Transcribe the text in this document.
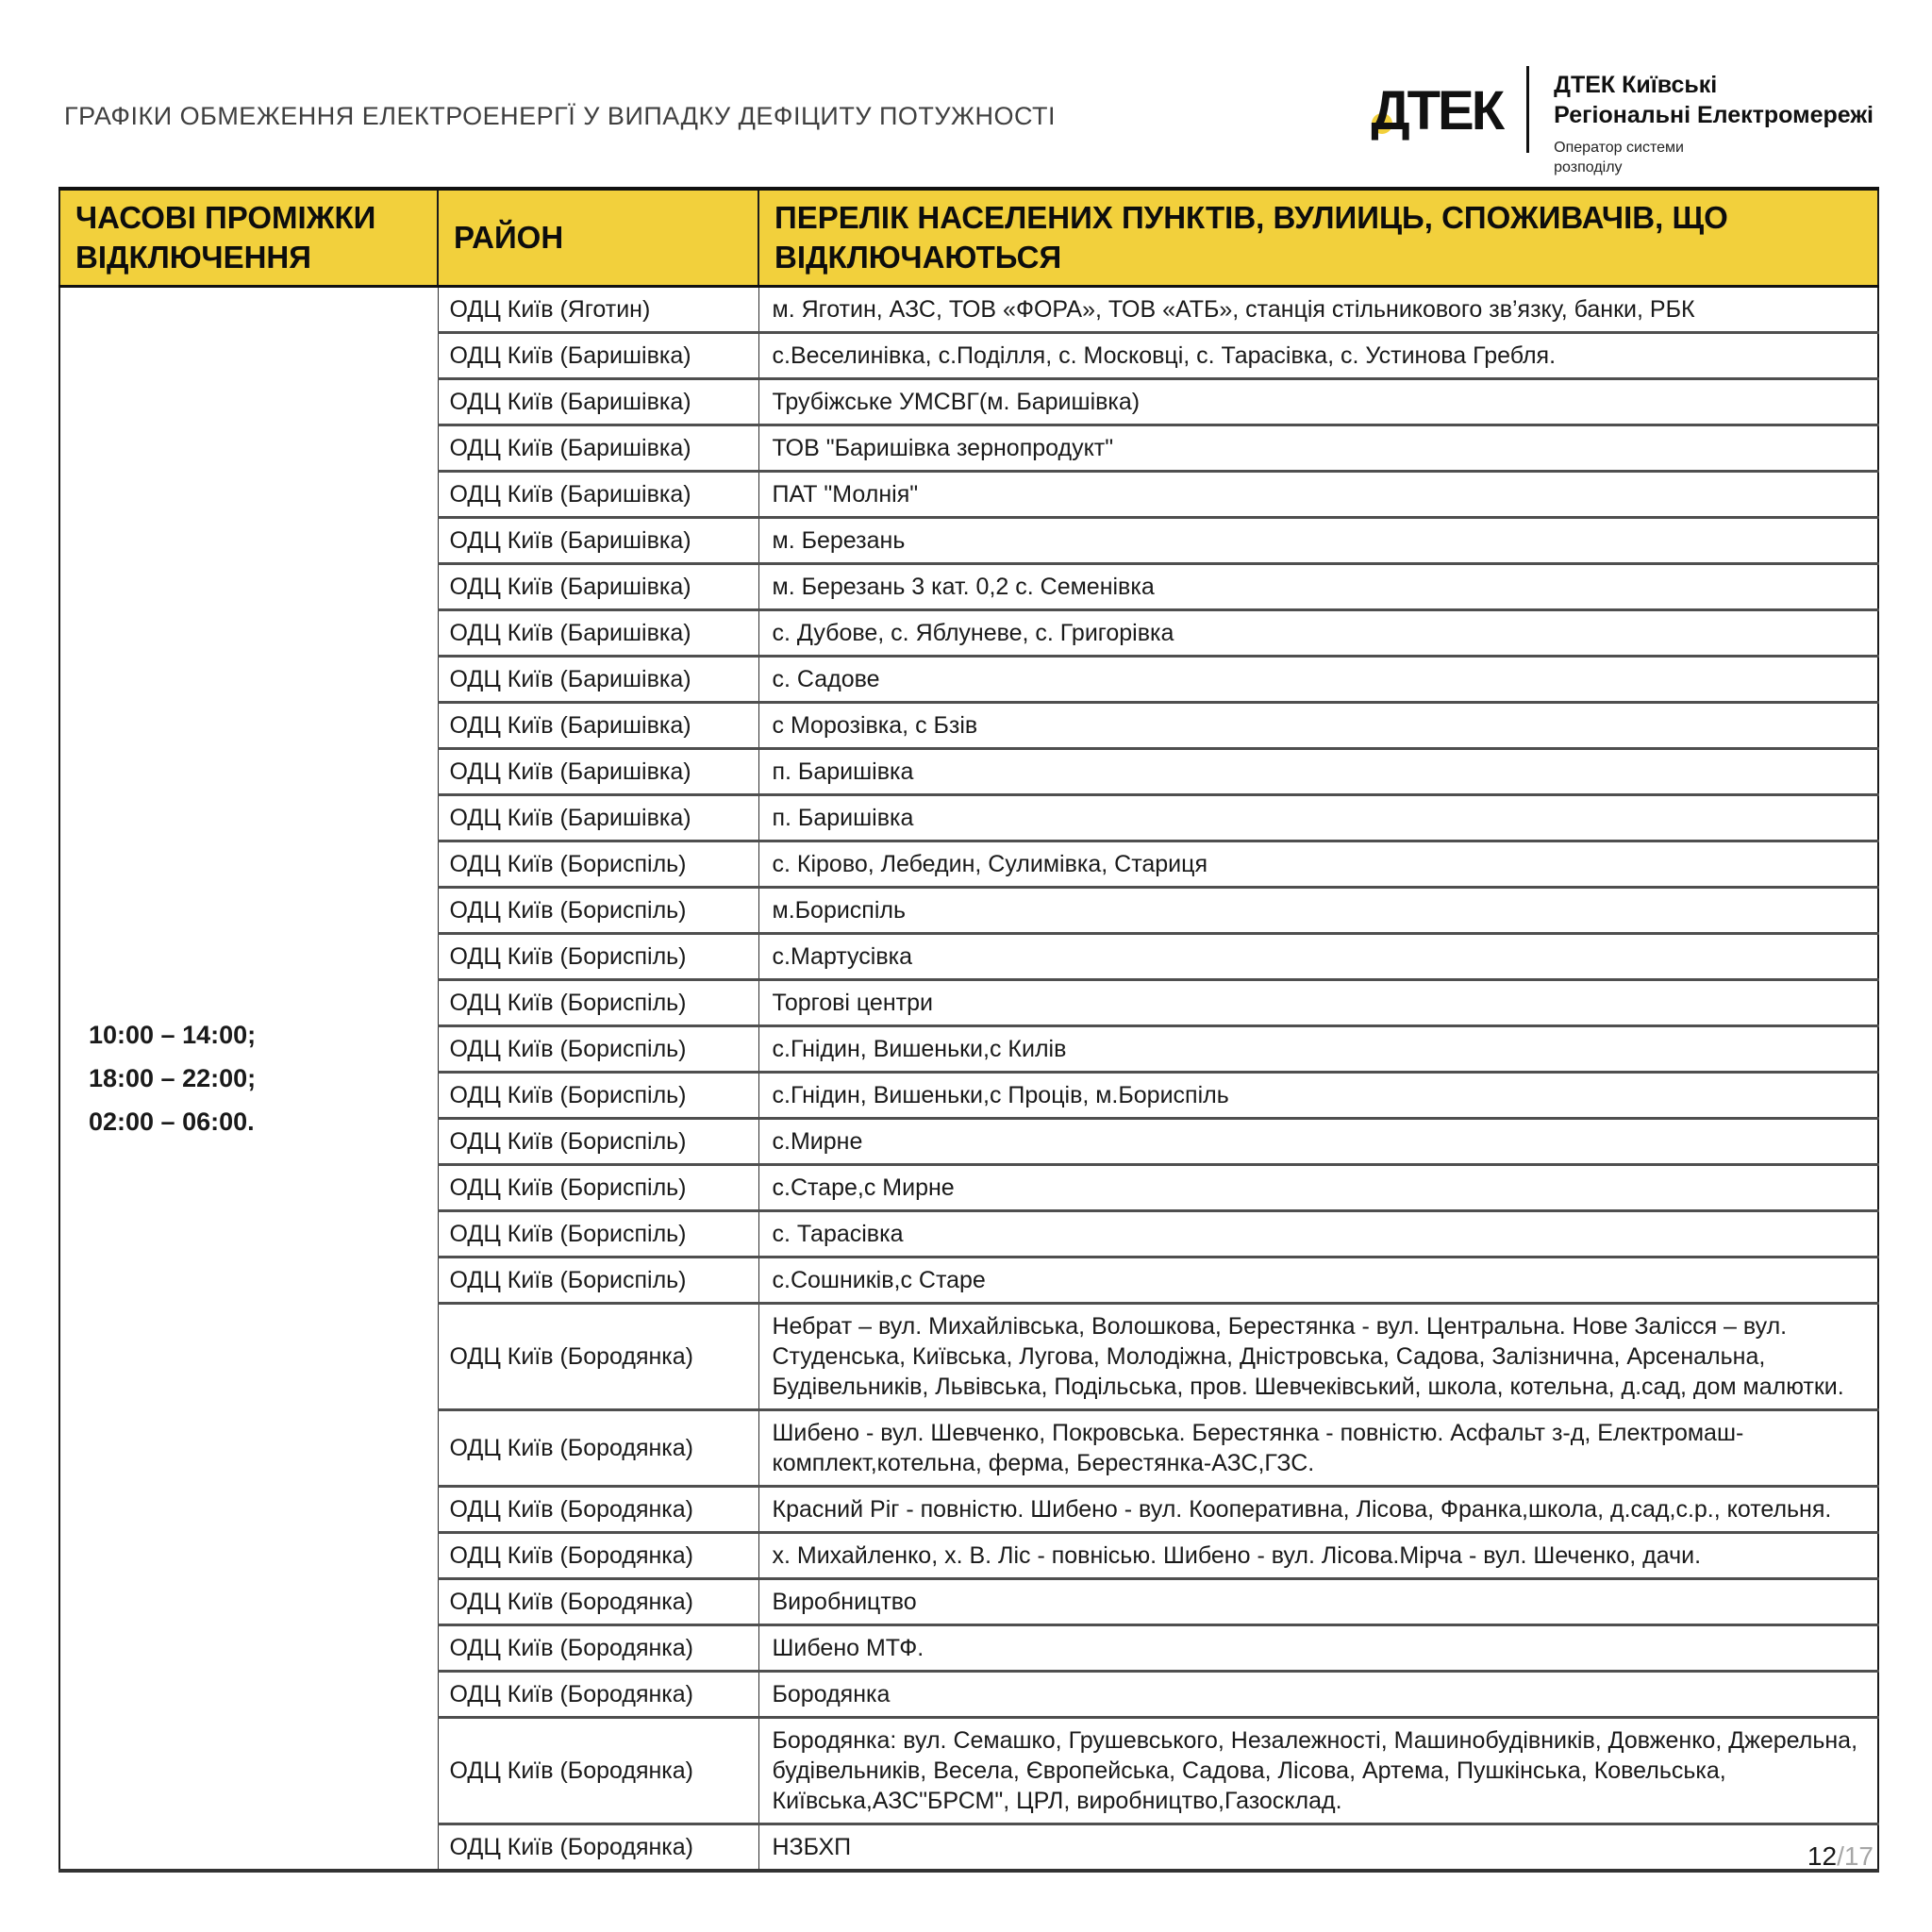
ГРАФІКИ ОБМЕЖЕННЯ ЕЛЕКТРОЕНЕРГЇ У ВИПАДКУ ДЕФІЦИТУ ПОТУЖНОСТІ	ДТЕК	ДТЕК Київські
Регіональні Електромережі
Оператор системи
розподілу
ЧАСОВІ ПРОМІЖКИ ВІДКЛЮЧЕННЯ	РАЙОН	ПЕРЕЛІК НАСЕЛЕНИХ ПУНКТІВ, ВУЛИИЦЬ, СПОЖИВАЧІВ, ЩО ВІДКЛЮЧАЮТЬСЯ

10:00 – 14:00;
18:00 – 22:00;
02:00 – 06:00.	ОДЦ Київ (Яготин)	м. Яготин, АЗС, ТОВ «ФОРА», ТОВ «АТБ», станція стільникового зв’язку, банки, РБК
	ОДЦ Київ (Баришівка)	с.Веселинівка, с.Поділля, с. Московці, с. Тарасівка, с. Устинова Гребля.
	ОДЦ Київ (Баришівка)	Трубіжське УМСВГ(м. Баришівка)
	ОДЦ Київ (Баришівка)	ТОВ "Баришівка зернопродукт"
	ОДЦ Київ (Баришівка)	ПАТ "Молнія"
	ОДЦ Київ (Баришівка)	м. Березань
	ОДЦ Київ (Баришівка)	м. Березань 3 кат. 0,2 с. Семенівка
	ОДЦ Київ (Баришівка)	с. Дубове, с. Яблуневе, с. Григорівка
	ОДЦ Київ (Баришівка)	с. Садове
	ОДЦ Київ (Баришівка)	с Морозівка, с Бзів
	ОДЦ Київ (Баришівка)	п. Баришівка
	ОДЦ Київ (Баришівка)	п. Баришівка
	ОДЦ Київ (Бориспіль)	с. Кірово, Лебедин, Сулимівка, Стариця
	ОДЦ Київ (Бориспіль)	м.Бориспіль
	ОДЦ Київ (Бориспіль)	с.Мартусівка
	ОДЦ Київ (Бориспіль)	Торгові центри
	ОДЦ Київ (Бориспіль)	с.Гнідин, Вишеньки,с Килів
	ОДЦ Київ (Бориспіль)	с.Гнідин, Вишеньки,с Проців, м.Бориспіль
	ОДЦ Київ (Бориспіль)	с.Мирне
	ОДЦ Київ (Бориспіль)	с.Старе,с Мирне
	ОДЦ Київ (Бориспіль)	с. Тарасівка
	ОДЦ Київ (Бориспіль)	с.Сошників,с Старе
	ОДЦ Київ (Бородянка)	Небрат – вул. Михайлівська, Волошкова, Берестянка - вул. Центральна. Нове Залісся – вул. Студенська, Київська, Лугова, Молодіжна, Дністровська, Садова, Залізнична, Арсенальна, Будівельників, Львівська, Подільська, пров. Шевчеківський, школа, котельна, д.сад, дом малютки.
	ОДЦ Київ (Бородянка)	Шибено - вул. Шевченко, Покровська. Берестянка - повністю. Асфальт з-д, Електромаш-комплект,котельна, ферма, Берестянка-АЗС,ГЗС.
	ОДЦ Київ (Бородянка)	Красний Ріг - повністю. Шибено - вул. Кооперативна, Лісова, Франка,школа, д.сад,с.р., котельня.
	ОДЦ Київ (Бородянка)	х. Михайленко, х. В. Ліс - повнісью. Шибено - вул. Лісова.Мірча - вул. Шеченко, дачи.
	ОДЦ Київ (Бородянка)	Виробництво
	ОДЦ Київ (Бородянка)	Шибено МТФ.
	ОДЦ Київ (Бородянка)	Бородянка
	ОДЦ Київ (Бородянка)	Бородянка: вул. Семашко, Грушевського, Незалежності, Машинобудівників, Довженко, Джерельна, будівельників, Весела, Європейська, Садова, Лісова, Артема, Пушкінська, Ковельська, Київська,АЗС"БРСМ", ЦРЛ, виробництво,Газосклад.
	ОДЦ Київ (Бородянка)	НЗБХП	12/17
